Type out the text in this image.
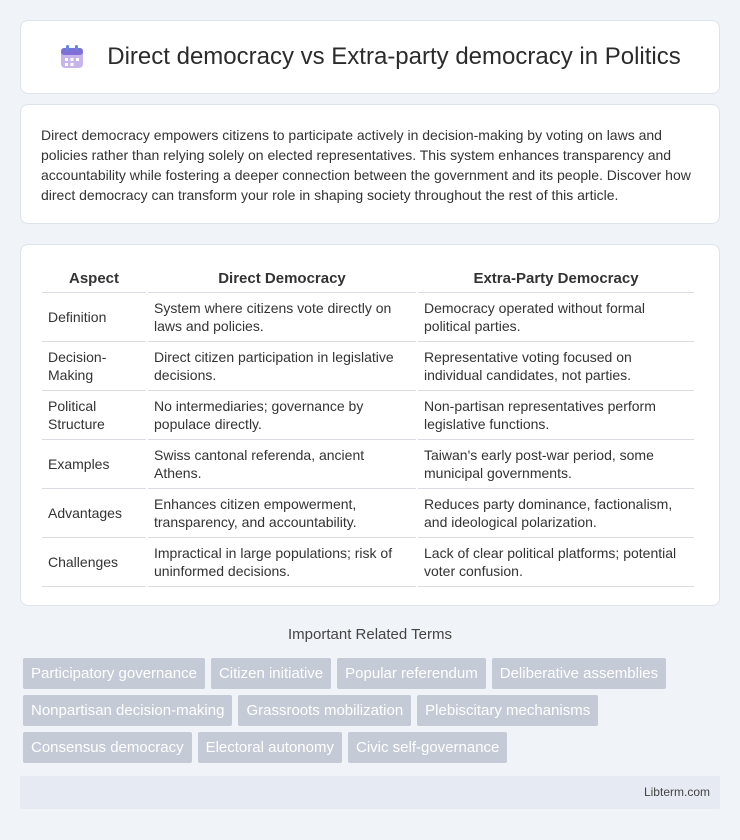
Direct democracy vs Extra-party democracy in Politics

Direct democracy empowers citizens to participate actively in decision-making by voting on laws and policies rather than relying solely on elected representatives. This system enhances transparency and accountability while fostering a deeper connection between the government and its people. Discover how direct democracy can transform your role in shaping society throughout the rest of this article.

Aspect	Direct Democracy	Extra-Party Democracy
Definition	System where citizens vote directly on laws and policies.	Democracy operated without formal political parties.
Decision-Making	Direct citizen participation in legislative decisions.	Representative voting focused on individual candidates, not parties.
Political Structure	No intermediaries; governance by populace directly.	Non-partisan representatives perform legislative functions.
Examples	Swiss cantonal referenda, ancient Athens.	Taiwan's early post-war period, some municipal governments.
Advantages	Enhances citizen empowerment, transparency, and accountability.	Reduces party dominance, factionalism, and ideological polarization.
Challenges	Impractical in large populations; risk of uninformed decisions.	Lack of clear political platforms; potential voter confusion.
Important Related Terms
Participatory governance	Citizen initiative	Popular referendum	Deliberative assemblies
Nonpartisan decision-making	Grassroots mobilization	Plebiscitary mechanisms
Consensus democracy	Electoral autonomy	Civic self-governance
Libterm.com
